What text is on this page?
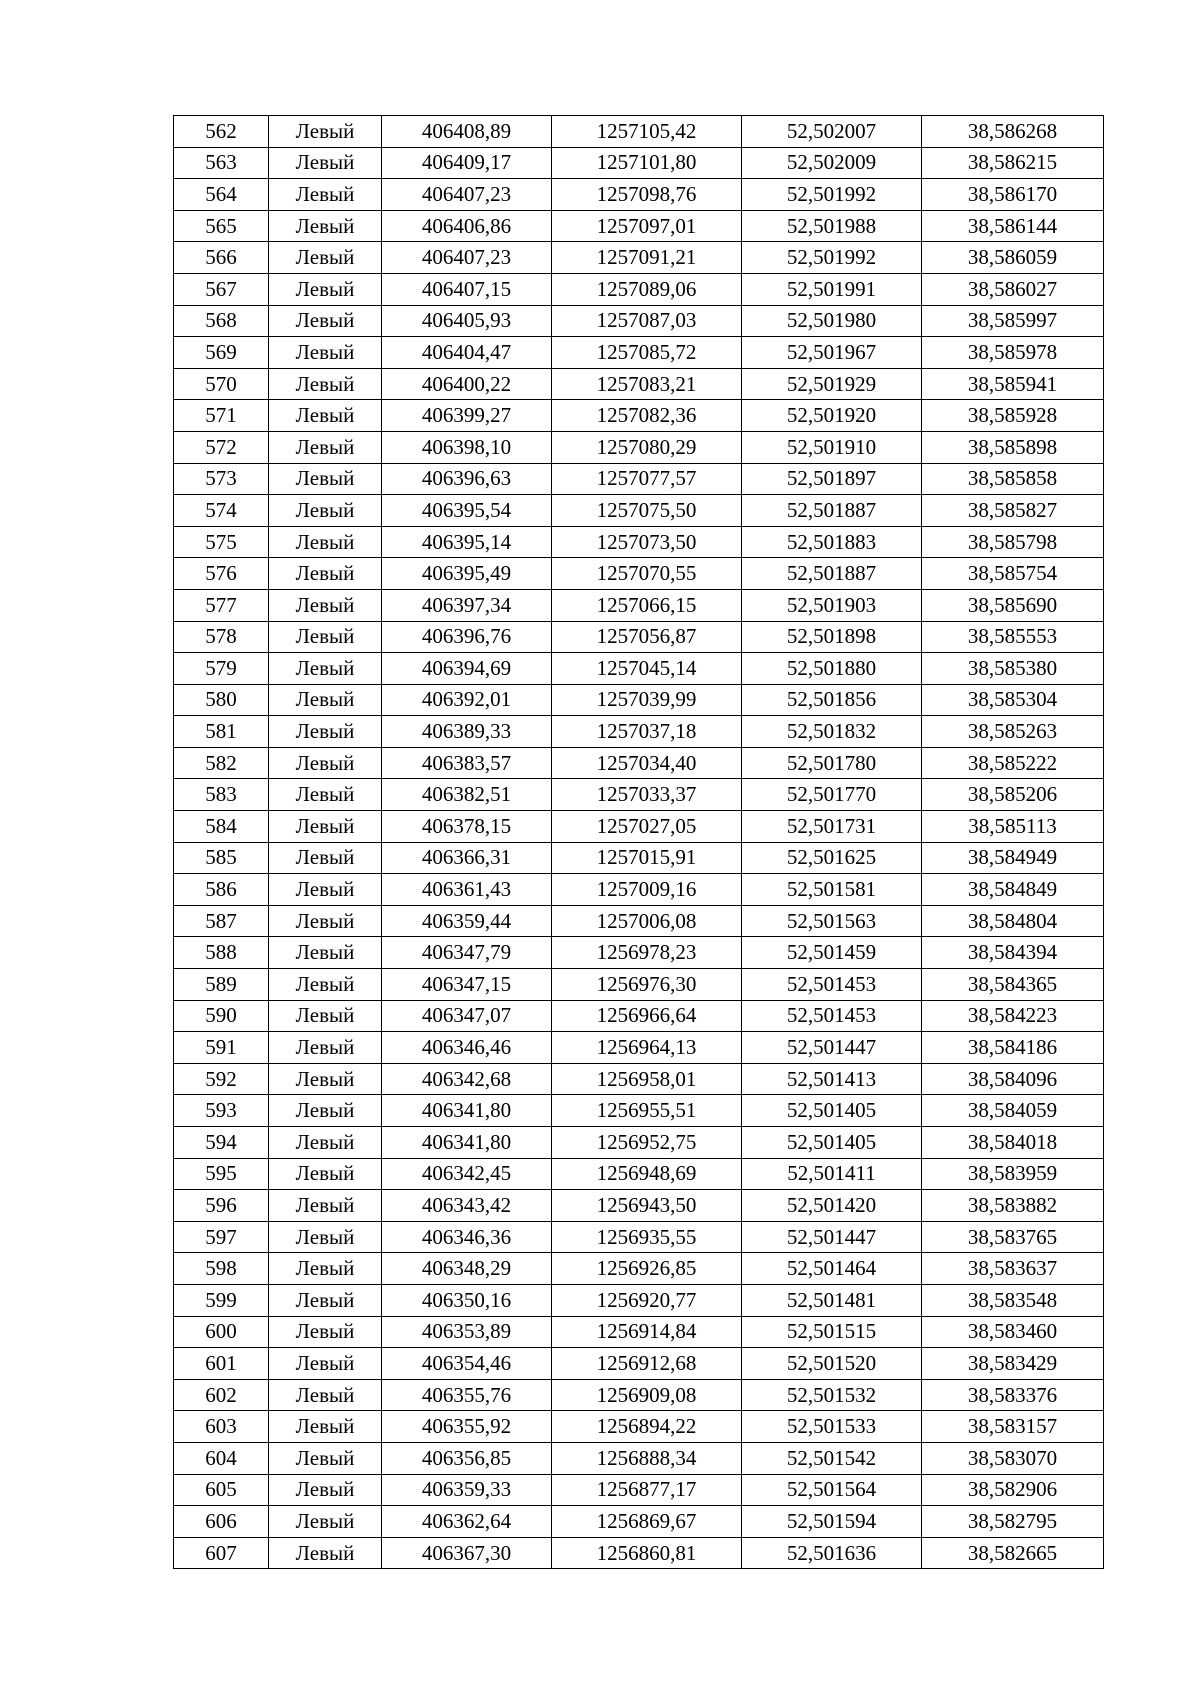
562	Левый	406408,89	1257105,42	52,502007	38,586268
563	Левый	406409,17	1257101,80	52,502009	38,586215
564	Левый	406407,23	1257098,76	52,501992	38,586170
565	Левый	406406,86	1257097,01	52,501988	38,586144
566	Левый	406407,23	1257091,21	52,501992	38,586059
567	Левый	406407,15	1257089,06	52,501991	38,586027
568	Левый	406405,93	1257087,03	52,501980	38,585997
569	Левый	406404,47	1257085,72	52,501967	38,585978
570	Левый	406400,22	1257083,21	52,501929	38,585941
571	Левый	406399,27	1257082,36	52,501920	38,585928
572	Левый	406398,10	1257080,29	52,501910	38,585898
573	Левый	406396,63	1257077,57	52,501897	38,585858
574	Левый	406395,54	1257075,50	52,501887	38,585827
575	Левый	406395,14	1257073,50	52,501883	38,585798
576	Левый	406395,49	1257070,55	52,501887	38,585754
577	Левый	406397,34	1257066,15	52,501903	38,585690
578	Левый	406396,76	1257056,87	52,501898	38,585553
579	Левый	406394,69	1257045,14	52,501880	38,585380
580	Левый	406392,01	1257039,99	52,501856	38,585304
581	Левый	406389,33	1257037,18	52,501832	38,585263
582	Левый	406383,57	1257034,40	52,501780	38,585222
583	Левый	406382,51	1257033,37	52,501770	38,585206
584	Левый	406378,15	1257027,05	52,501731	38,585113
585	Левый	406366,31	1257015,91	52,501625	38,584949
586	Левый	406361,43	1257009,16	52,501581	38,584849
587	Левый	406359,44	1257006,08	52,501563	38,584804
588	Левый	406347,79	1256978,23	52,501459	38,584394
589	Левый	406347,15	1256976,30	52,501453	38,584365
590	Левый	406347,07	1256966,64	52,501453	38,584223
591	Левый	406346,46	1256964,13	52,501447	38,584186
592	Левый	406342,68	1256958,01	52,501413	38,584096
593	Левый	406341,80	1256955,51	52,501405	38,584059
594	Левый	406341,80	1256952,75	52,501405	38,584018
595	Левый	406342,45	1256948,69	52,501411	38,583959
596	Левый	406343,42	1256943,50	52,501420	38,583882
597	Левый	406346,36	1256935,55	52,501447	38,583765
598	Левый	406348,29	1256926,85	52,501464	38,583637
599	Левый	406350,16	1256920,77	52,501481	38,583548
600	Левый	406353,89	1256914,84	52,501515	38,583460
601	Левый	406354,46	1256912,68	52,501520	38,583429
602	Левый	406355,76	1256909,08	52,501532	38,583376
603	Левый	406355,92	1256894,22	52,501533	38,583157
604	Левый	406356,85	1256888,34	52,501542	38,583070
605	Левый	406359,33	1256877,17	52,501564	38,582906
606	Левый	406362,64	1256869,67	52,501594	38,582795
607	Левый	406367,30	1256860,81	52,501636	38,582665
